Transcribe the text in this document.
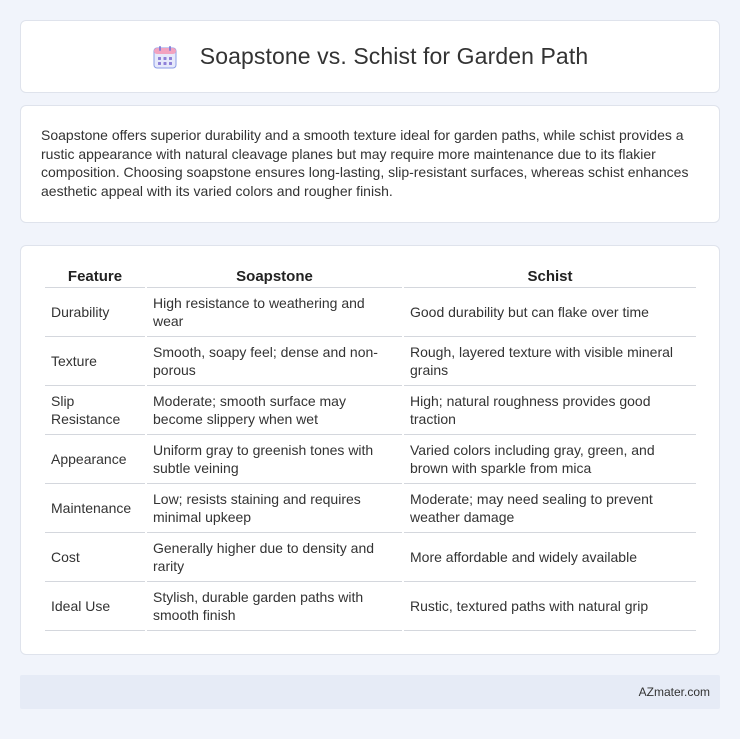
Soapstone vs. Schist for Garden Path

Soapstone offers superior durability and a smooth texture ideal for garden paths, while schist provides a rustic appearance with natural cleavage planes but may require more maintenance due to its flakier composition. Choosing soapstone ensures long-lasting, slip-resistant surfaces, whereas schist enhances aesthetic appeal with its varied colors and rougher finish.

Feature	Soapstone	Schist
Durability	High resistance to weathering and wear	Good durability but can flake over time
Texture	Smooth, soapy feel; dense and non-porous	Rough, layered texture with visible mineral grains
Slip Resistance	Moderate; smooth surface may become slippery when wet	High; natural roughness provides good traction
Appearance	Uniform gray to greenish tones with subtle veining	Varied colors including gray, green, and brown with sparkle from mica
Maintenance	Low; resists staining and requires minimal upkeep	Moderate; may need sealing to prevent weather damage
Cost	Generally higher due to density and rarity	More affordable and widely available
Ideal Use	Stylish, durable garden paths with smooth finish	Rustic, textured paths with natural grip
AZmater.com
